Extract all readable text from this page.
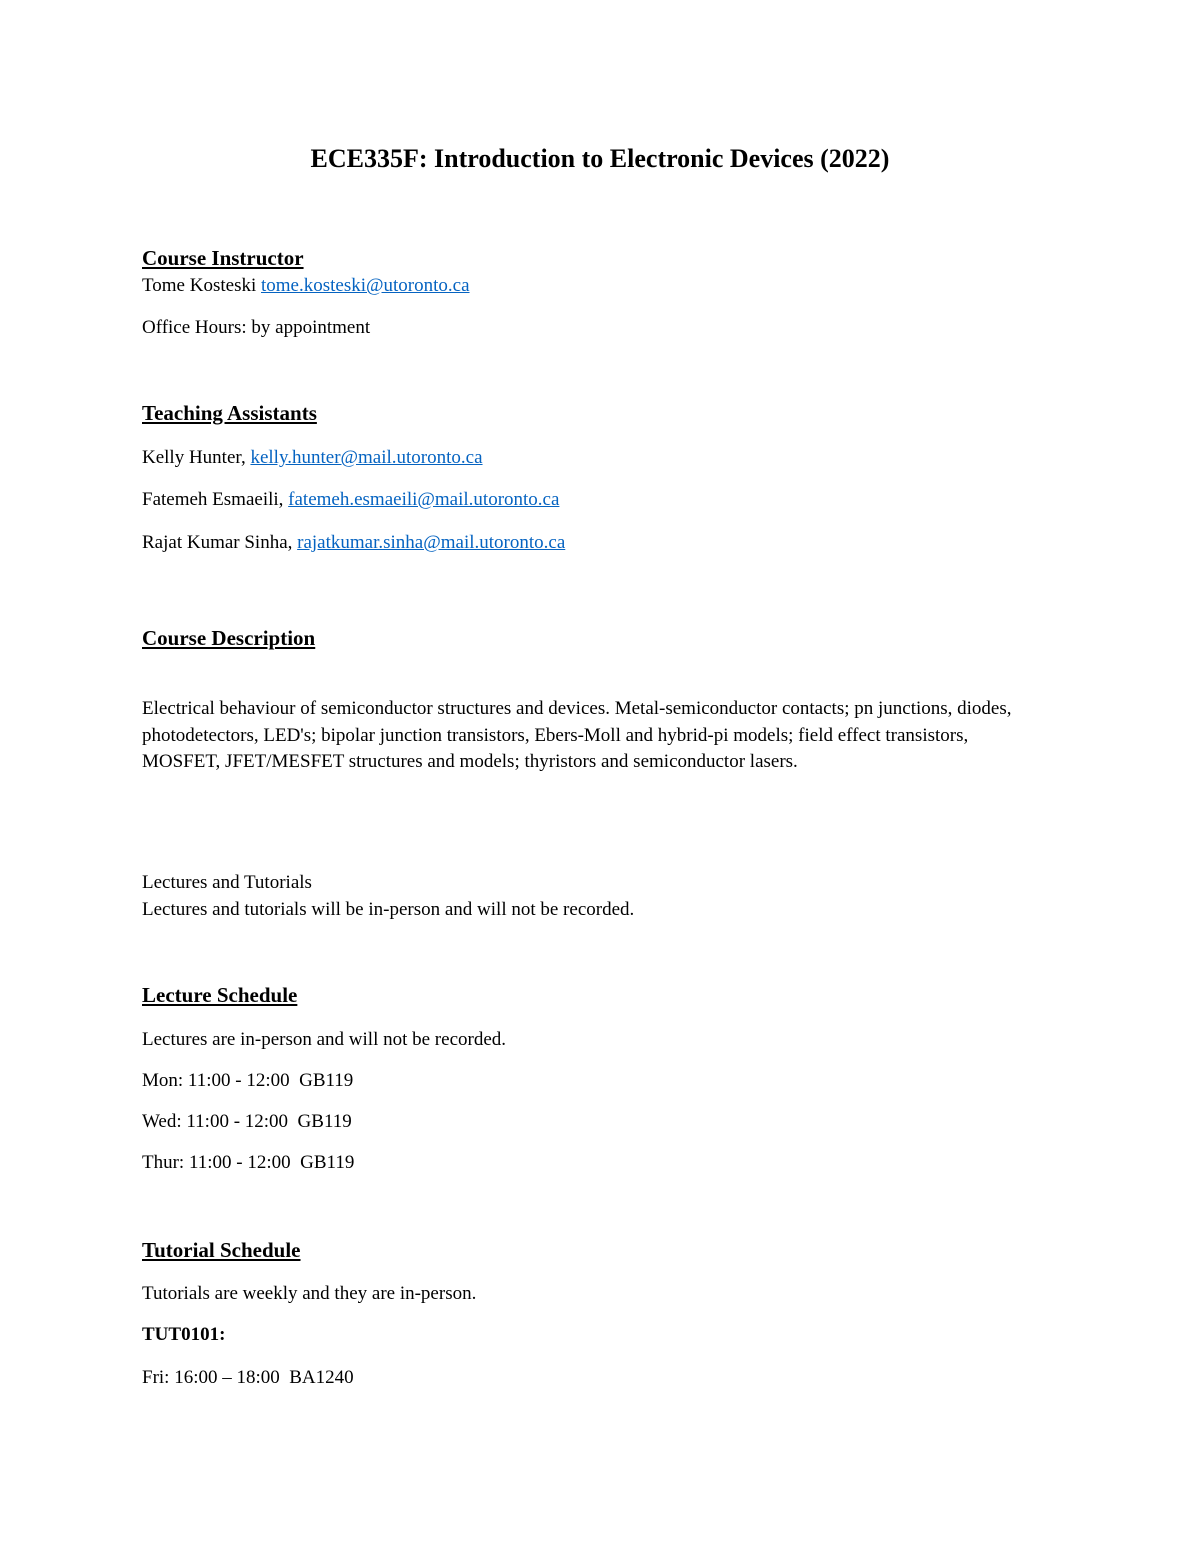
ECE335F: Introduction to Electronic Devices (2022)
Course Instructor
Tome Kosteski tome.kosteski@utoronto.ca
Office Hours: by appointment
Teaching Assistants
Kelly Hunter, kelly.hunter@mail.utoronto.ca
Fatemeh Esmaeili, fatemeh.esmaeili@mail.utoronto.ca
Rajat Kumar Sinha, rajatkumar.sinha@mail.utoronto.ca
Course Description
Electrical behaviour of semiconductor structures and devices. Metal-semiconductor contacts; pn junctions, diodes, photodetectors, LED's; bipolar junction transistors, Ebers-Moll and hybrid-pi models; field effect transistors, MOSFET, JFET/MESFET structures and models; thyristors and semiconductor lasers.
Lectures and Tutorials
Lectures and tutorials will be in-person and will not be recorded.
Lecture Schedule
Lectures are in-person and will not be recorded.
Mon: 11:00 - 12:00  GB119
Wed: 11:00 - 12:00  GB119
Thur: 11:00 - 12:00  GB119
Tutorial Schedule
Tutorials are weekly and they are in-person.
TUT0101:
Fri: 16:00 – 18:00  BA1240
